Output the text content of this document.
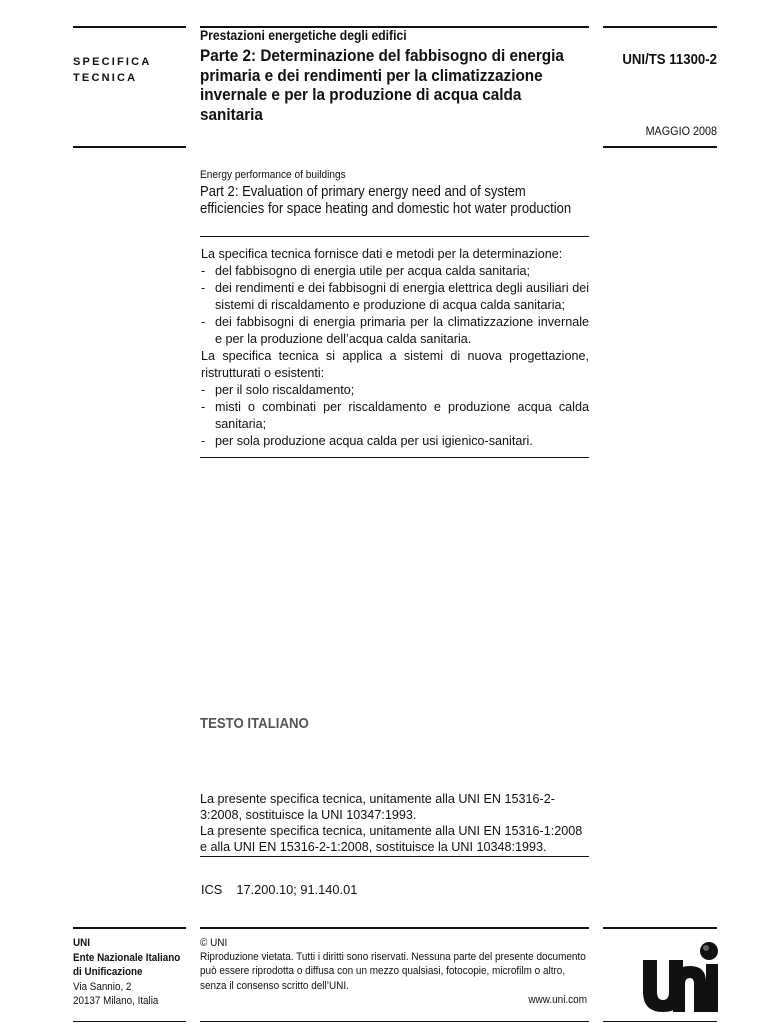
SPECIFICA
TECNICA
Prestazioni energetiche degli edifici
Parte 2: Determinazione del fabbisogno di energia primaria e dei rendimenti per la climatizzazione invernale e per la produzione di acqua calda sanitaria
UNI/TS 11300-2
MAGGIO 2008
Energy performance of buildings
Part 2: Evaluation of primary energy need and of system efficiencies for space heating and domestic hot water production

La specifica tecnica fornisce dati e metodi per la determinazione:

- del fabbisogno di energia utile per acqua calda sanitaria;
- dei rendimenti e dei fabbisogni di energia elettrica degli ausiliari dei sistemi di riscaldamento e produzione di acqua calda sanitaria;
- dei fabbisogni di energia primaria per la climatizzazione invernale e per la produzione dell’acqua calda sanitaria.

La specifica tecnica si applica a sistemi di nuova progettazione, ristrutturati o esistenti:

- per il solo riscaldamento;
- misti o combinati per riscaldamento e produzione acqua calda sanitaria;
- per sola produzione acqua calda per usi igienico-sanitari.
TESTO ITALIANO

La presente specifica tecnica, unitamente alla UNI EN 15316-2-3:2008, sostituisce la UNI 10347:1993.

La presente specifica tecnica, unitamente alla UNI EN 15316-1:2008 e alla UNI EN 15316-2-1:2008, sostituisce la UNI 10348:1993.

ICS 17.200.10; 91.140.01
UNI
Ente Nazionale Italiano
di Unificazione
Via Sannio, 2
20137 Milano, Italia

© UNI

Riproduzione vietata. Tutti i diritti sono riservati. Nessuna parte del presente documento può essere riprodotta o diffusa con un mezzo qualsiasi, fotocopie, microfilm o altro, senza il consenso scritto dell’UNI.

www.uni.com
